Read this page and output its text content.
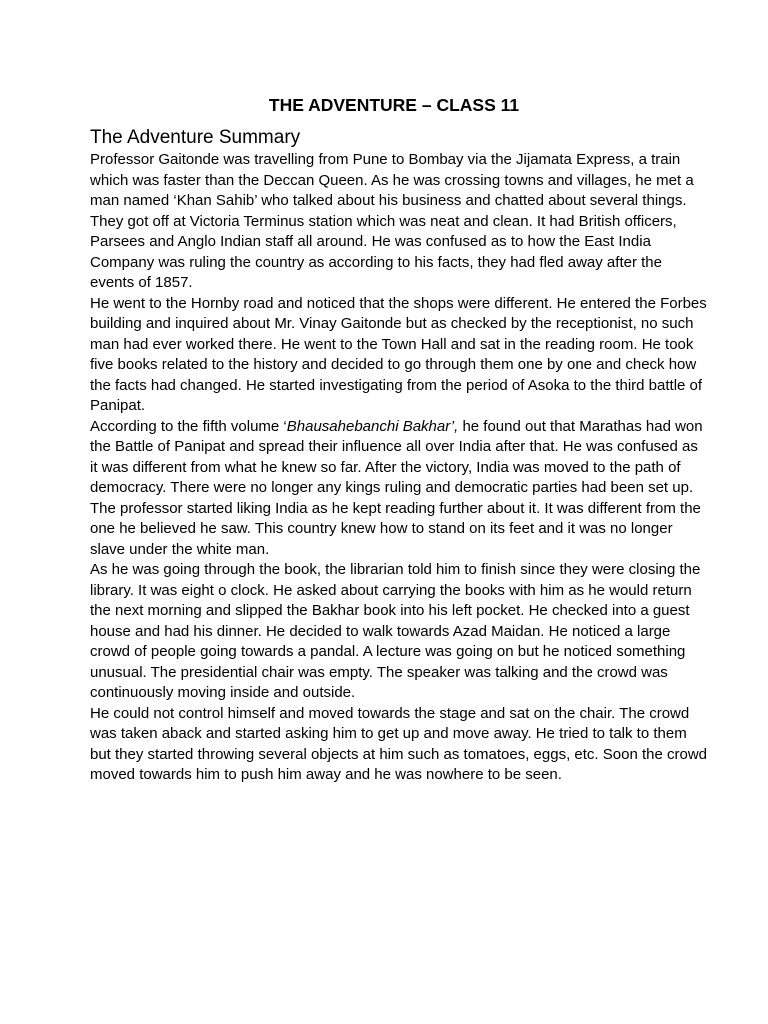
THE ADVENTURE – CLASS 11
The Adventure Summary

Professor Gaitonde was travelling from Pune to Bombay via the Jijamata Express, a train which was faster than the Deccan Queen. As he was crossing towns and villages, he met a man named ‘Khan Sahib’ who talked about his business and chatted about several things. They got off at Victoria Terminus station which was neat and clean. It had British officers, Parsees and Anglo Indian staff all around. He was confused as to how the East India Company was ruling the country as according to his facts, they had fled away after the events of 1857.

He went to the Hornby road and noticed that the shops were different. He entered the Forbes building and inquired about Mr. Vinay Gaitonde but as checked by the receptionist, no such man had ever worked there. He went to the Town Hall and sat in the reading room. He took five books related to the history and decided to go through them one by one and check how the facts had changed. He started investigating from the period of Asoka to the third battle of Panipat.

According to the fifth volume ‘Bhausahebanchi Bakhar’, he found out that Marathas had won the Battle of Panipat and spread their influence all over India after that. He was confused as it was different from what he knew so far. After the victory, India was moved to the path of democracy. There were no longer any kings ruling and democratic parties had been set up. The professor started liking India as he kept reading further about it. It was different from the one he believed he saw. This country knew how to stand on its feet and it was no longer slave under the white man.

As he was going through the book, the librarian told him to finish since they were closing the library. It was eight o clock. He asked about carrying the books with him as he would return the next morning and slipped the Bakhar book into his left pocket. He checked into a guest house and had his dinner. He decided to walk towards Azad Maidan. He noticed a large crowd of people going towards a pandal. A lecture was going on but he noticed something unusual. The presidential chair was empty. The speaker was talking and the crowd was continuously moving inside and outside.

He could not control himself and moved towards the stage and sat on the chair. The crowd was taken aback and started asking him to get up and move away. He tried to talk to them but they started throwing several objects at him such as tomatoes, eggs, etc. Soon the crowd moved towards him to push him away and he was nowhere to be seen.
